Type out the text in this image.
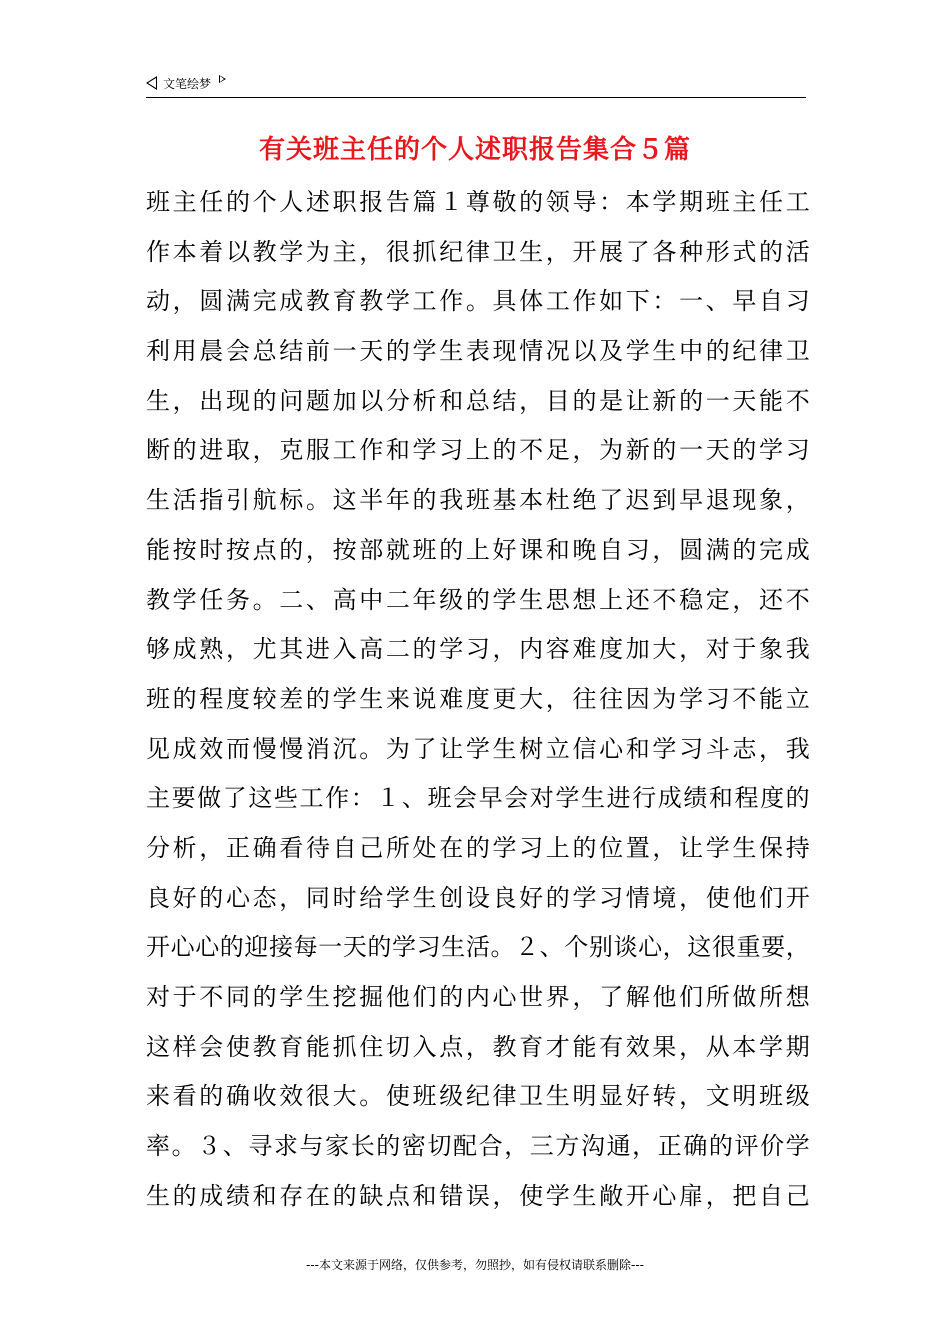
文笔绘梦
有关班主任的个人述职报告集合５篇
班主任的个人述职报告篇１尊敬的领导：本学期班主任工
作本着以教学为主，很抓纪律卫生，开展了各种形式的活
动，圆满完成教育教学工作。具体工作如下：一、早自习
利用晨会总结前一天的学生表现情况以及学生中的纪律卫
生，出现的问题加以分析和总结，目的是让新的一天能不
断的进取，克服工作和学习上的不足，为新的一天的学习
生活指引航标。这半年的我班基本杜绝了迟到早退现象，
能按时按点的，按部就班的上好课和晚自习，圆满的完成
教学任务。二、高中二年级的学生思想上还不稳定，还不
够成熟，尤其进入高二的学习，内容难度加大，对于象我
班的程度较差的学生来说难度更大，往往因为学习不能立
见成效而慢慢消沉。为了让学生树立信心和学习斗志，我
主要做了这些工作：１、班会早会对学生进行成绩和程度的
分析，正确看待自己所处在的学习上的位置，让学生保持
良好的心态，同时给学生创设良好的学习情境，使他们开
开心心的迎接每一天的学习生活。２、个别谈心，这很重要，
对于不同的学生挖掘他们的内心世界，了解他们所做所想
这样会使教育能抓住切入点，教育才能有效果，从本学期
来看的确收效很大。使班级纪律卫生明显好转，文明班级
率。３、寻求与家长的密切配合，三方沟通，正确的评价学
生的成绩和存在的缺点和错误，使学生敞开心扉，把自己
---本文来源于网络，仅供参考，勿照抄，如有侵权请联系删除---
